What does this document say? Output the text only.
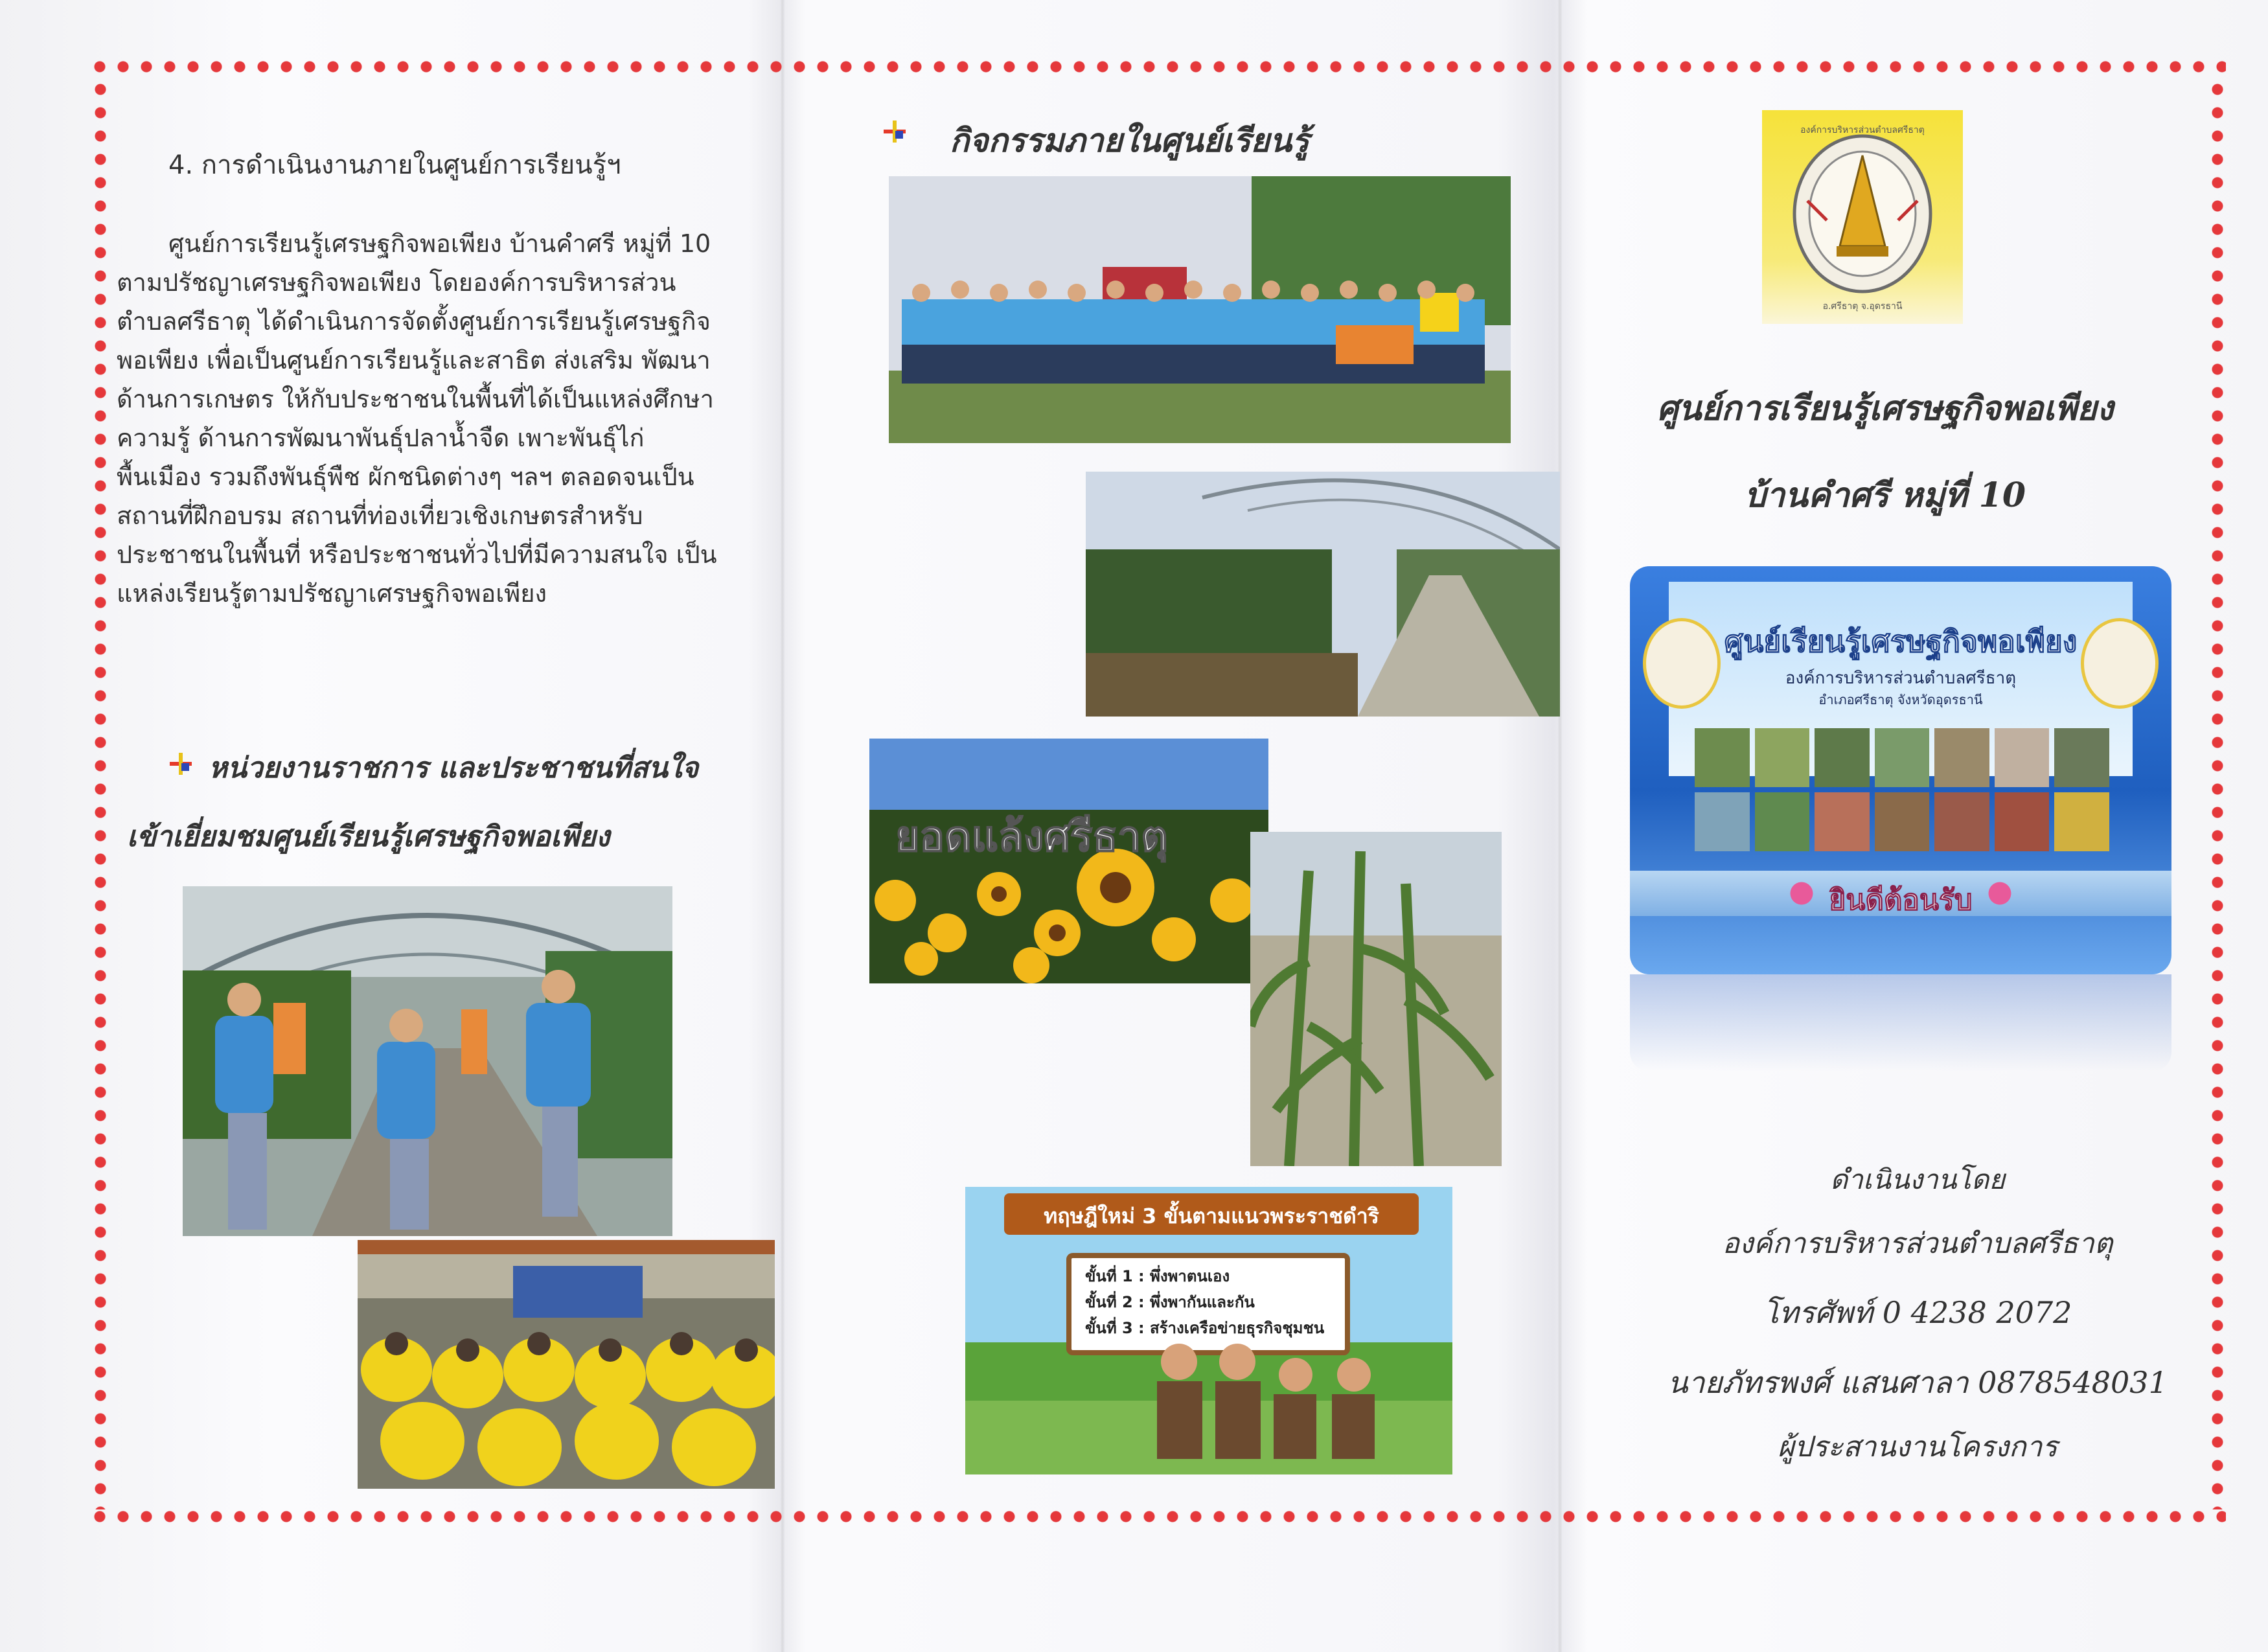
4. การดำเนินงานภายในศูนย์การเรียนรู้ฯ
ศูนย์การเรียนรู้เศรษฐกิจพอเพียง บ้านคำศรี หมู่ที่ 10
ตามปรัชญาเศรษฐกิจพอเพียง โดยองค์การบริหารส่วน
ตำบลศรีธาตุ ได้ดำเนินการจัดตั้งศูนย์การเรียนรู้เศรษฐกิจ
พอเพียง เพื่อเป็นศูนย์การเรียนรู้และสาธิต ส่งเสริม พัฒนา
ด้านการเกษตร ให้กับประชาชนในพื้นที่ได้เป็นแหล่งศึกษา
ความรู้ ด้านการพัฒนาพันธุ์ปลาน้ำจืด เพาะพันธุ์ไก่
พื้นเมือง รวมถึงพันธุ์พืช ผักชนิดต่างๆ ฯลฯ ตลอดจนเป็น
สถานที่ฝึกอบรม สถานที่ท่องเที่ยวเชิงเกษตรสำหรับ
ประชาชนในพื้นที่ หรือประชาชนทั่วไปที่มีความสนใจ เป็น
แหล่งเรียนรู้ตามปรัชญาเศรษฐกิจพอเพียง
หน่วยงานราชการ และประชาชนที่สนใจ
เข้าเยี่ยมชมศูนย์เรียนรู้เศรษฐกิจพอเพียง
กิจกรรมภายในศูนย์เรียนรู้
ยอดแล้งศรีธาตุ
ทฤษฎีใหม่ 3 ขั้นตามแนวพระราชดำริ
ขั้นที่ 1 : พึ่งพาตนเอง
ขั้นที่ 2 : พึ่งพากันและกัน
ขั้นที่ 3 : สร้างเครือข่ายธุรกิจชุมชน
องค์การบริหารส่วนตำบลศรีธาตุ
อ.ศรีธาตุ จ.อุดรธานี
ศูนย์การเรียนรู้เศรษฐกิจพอเพียง
บ้านคำศรี หมู่ที่ 10
ศูนย์เรียนรู้เศรษฐกิจพอเพียง
องค์การบริหารส่วนตำบลศรีธาตุ
อำเภอศรีธาตุ จังหวัดอุดรธานี
ยินดีต้อนรับ
ดำเนินงานโดย
องค์การบริหารส่วนตำบลศรีธาตุ
โทรศัพท์ 0 4238 2072
นายภัทรพงศ์ แสนศาลา 0878548031
ผู้ประสานงานโครงการ
